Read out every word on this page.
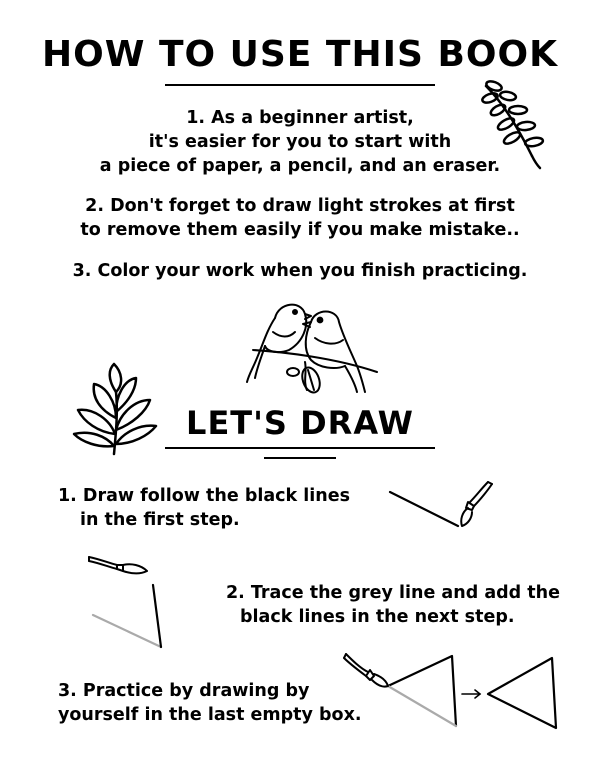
HOW TO USE THIS BOOK
1. As a beginner artist,
it's easier for you to start with
a piece of paper, a pencil, and an eraser.
2. Don't forget to draw light strokes at first
to remove them easily if you make mistake..
3. Color your work when you finish practicing.
LET'S DRAW
1. Draw follow the black lines
in the first step.
2. Trace the grey line and add the
black lines in the next step.
3. Practice by drawing by
yourself in the last empty box.
